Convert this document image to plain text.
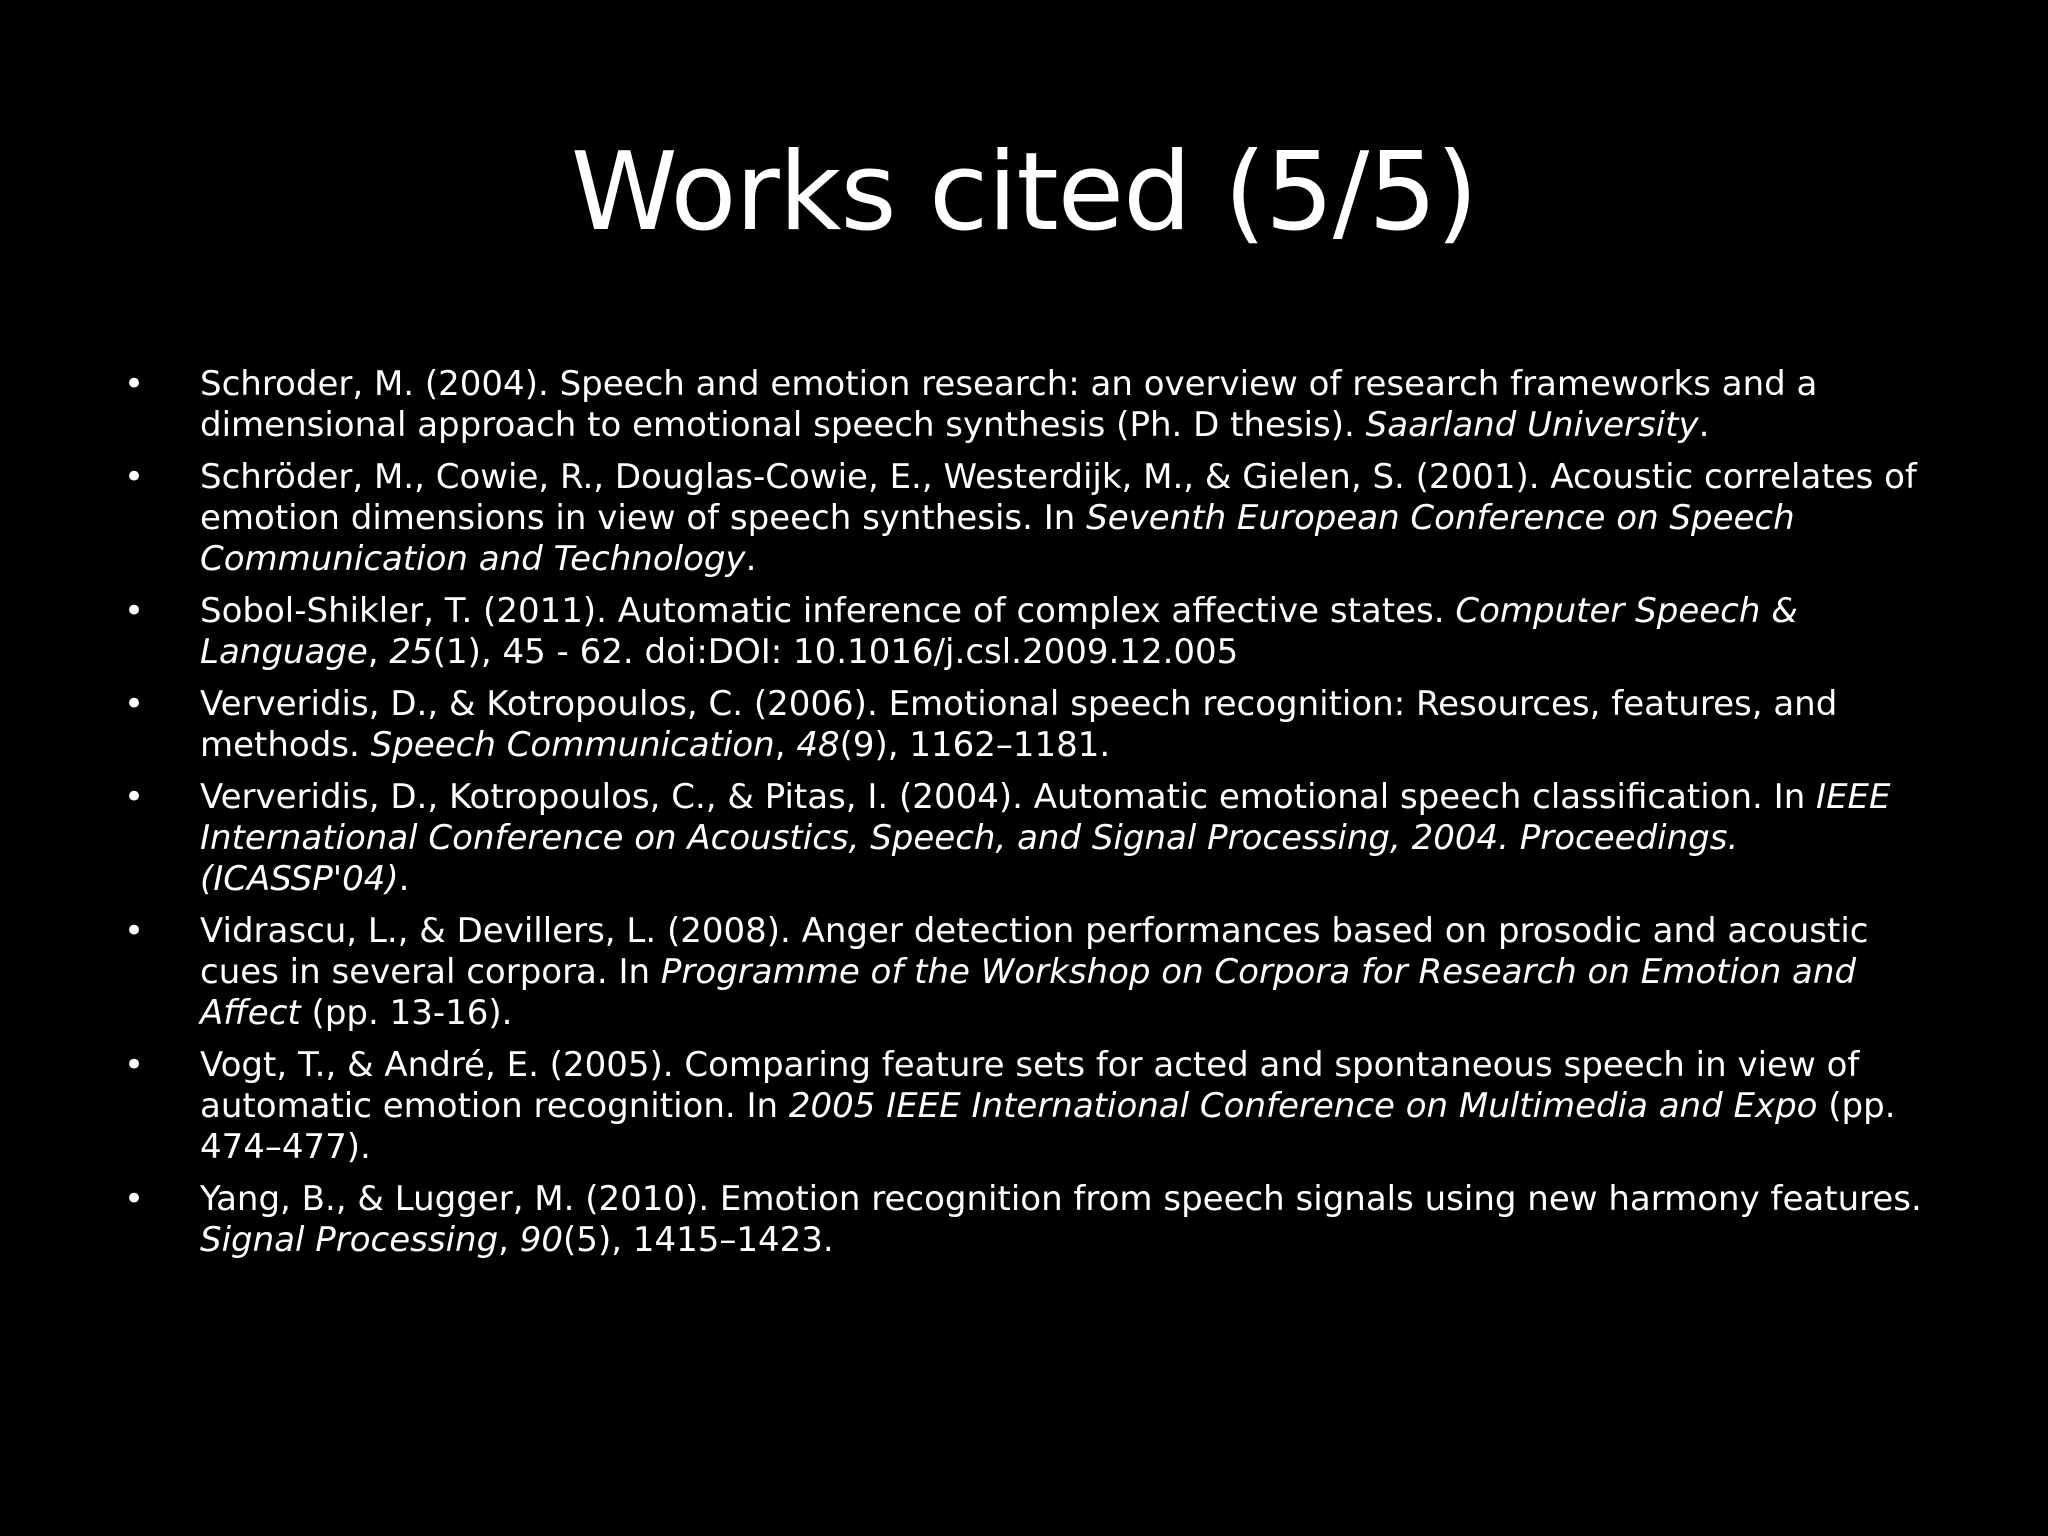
Works cited (5/5)
• Schroder, M. (2004). Speech and emotion research: an overview of research frameworks and a dimensional approach to emotional speech synthesis (Ph. D thesis). Saarland University.
• Schröder, M., Cowie, R., Douglas-Cowie, E., Westerdijk, M., & Gielen, S. (2001). Acoustic correlates of emotion dimensions in view of speech synthesis. In Seventh European Conference on Speech Communication and Technology.
• Sobol-Shikler, T. (2011). Automatic inference of complex affective states. Computer Speech & Language, 25(1), 45 - 62. doi:DOI: 10.1016/j.csl.2009.12.005
• Ververidis, D., & Kotropoulos, C. (2006). Emotional speech recognition: Resources, features, and methods. Speech Communication, 48(9), 1162–1181.
• Ververidis, D., Kotropoulos, C., & Pitas, I. (2004). Automatic emotional speech classification. In IEEE International Conference on Acoustics, Speech, and Signal Processing, 2004. Proceedings.(ICASSP'04).
• Vidrascu, L., & Devillers, L. (2008). Anger detection performances based on prosodic and acoustic cues in several corpora. In Programme of the Workshop on Corpora for Research on Emotion and Affect (pp. 13-16).
• Vogt, T., & André, E. (2005). Comparing feature sets for acted and spontaneous speech in view of automatic emotion recognition. In 2005 IEEE International Conference on Multimedia and Expo (pp. 474–477).
• Yang, B., & Lugger, M. (2010). Emotion recognition from speech signals using new harmony features. Signal Processing, 90(5), 1415–1423.
